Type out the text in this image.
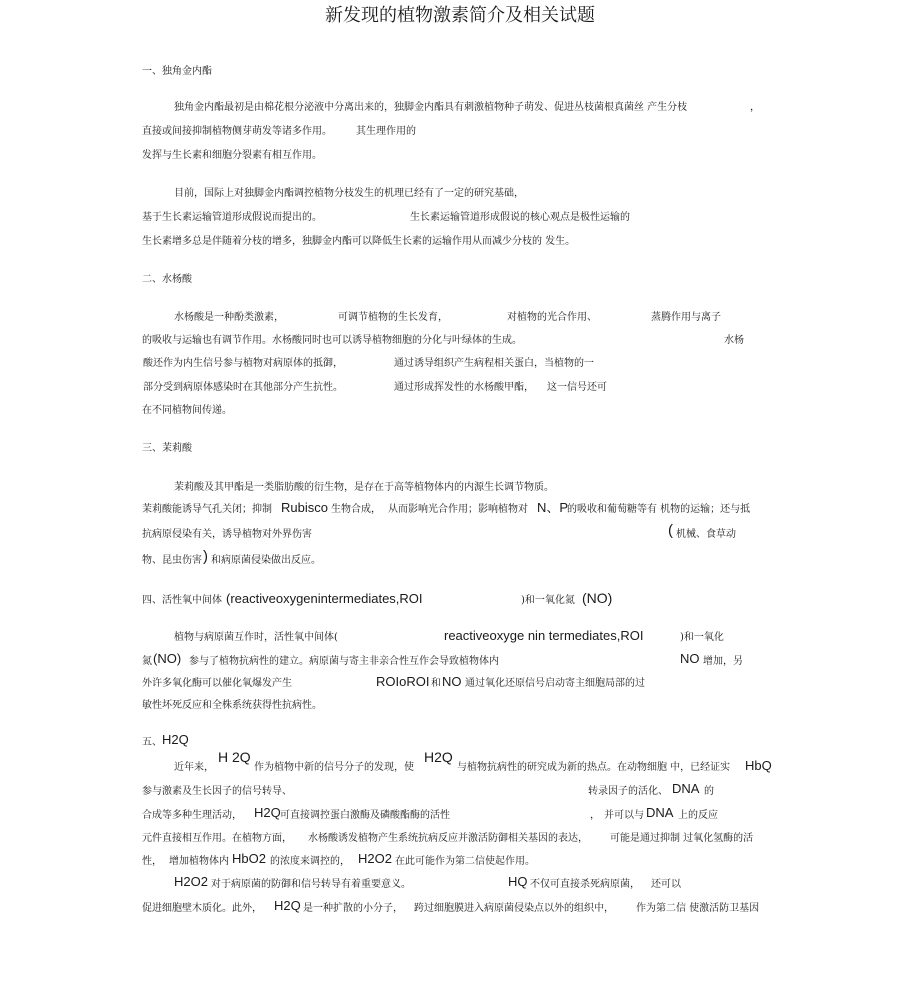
新发现的植物激素简介及相关试题
一、独角金内酯
独角金内酯最初是由棉花根分泌液中分离出来的，独脚金内酯具有刺激植物种子萌发、促进丛枝菌根真菌丝 产生分枝	，
直接或间接抑制植物侧芽萌发等诸多作用。 其生理作用的
发挥与生长素和细胞分裂素有相互作用。
目前，国际上对独脚金内酯调控植物分枝发生的机理已经有了一定的研究基础，
基于生长素运输管道形成假说而提出的。	生长素运输管道形成假说的核心观点是极性运输的
生长素增多总是伴随着分枝的增多，独脚金内酯可以降低生长素的运输作用从而减少分枝的 发生。
二、水杨酸
水杨酸是一种酚类激素，	可调节植物的生长发育，	对植物的光合作用、	蒸腾作用与离子
的吸收与运输也有调节作用。水杨酸同时也可以诱导植物细胞的分化与叶绿体的生成。	水杨
酸还作为内生信号参与植物对病原体的抵御，	通过诱导组织产生病程相关蛋白，当植物的一
部分受到病原体感染时在其他部分产生抗性。	通过形成挥发性的水杨酸甲酯， 这一信号还可
在不同植物间传递。
三、茉莉酸
茉莉酸及其甲酯是一类脂肪酸的衍生物，是存在于高等植物体内的内源生长调节物质。
茉莉酸能诱导气孔关闭；抑制 Rubisco 生物合成， 从而影响光合作用；影响植物对 N、P
的吸收和葡萄糖等有 机物的运输；还与抵
抗病原侵染有关，诱导植物对外界伤害	( 机械、食草动
物、昆虫伤害 ) 和病原菌侵染做出反应。
四、活性氧中间体 (reactiveoxygenintermediates,ROI	)和一氧化氮 (NO)
植物与病原菌互作时，活性氧中间体(	reactiveoxyge nin termediates,ROI	)和一氧化
氮 (NO) 参与了植物抗病性的建立。病原菌与寄主非亲合性互作会导致植物体内	NO 增加，另
外许多氧化酶可以催化氧爆发产生	ROIoROI 和 NO 通过氧化还原信号启动寄主细胞局部的过
敏性坏死反应和全株系统获得性抗病性。
五、 H2Q
近年来，
H 2Q
作为植物中新的信号分子的发现，使
H2Q
与植物抗病性的研究成为新的热点。在动物细胞 中，已经证实 HbQ
参与激素及生长因子的信号转导、	转录因子的活化、 DNA 的
合成等多种生理活动， H2Q 可直接调控蛋白激酶及磷酸酯酶的活性	， 并可以与 DNA 上的反应
元件直接相互作用。在植物方面， 水杨酸诱发植物产生系统抗病反应并激活防御相关基因的表达， 可能是通过抑制 过氧化氢酶的活
性， 增加植物体内 HbO2 的浓度来调控的， H2O2 在此可能作为第二信使起作用。
H2O2 对于病原菌的防御和信号转导有着重要意义。	HQ 不仅可直接杀死病原菌， 还可以
促进细胞壁木质化。此外， H2Q 是一种扩散的小分子， 跨过细胞膜进入病原菌侵染点以外的组织中， 作为第二信 使激活防卫基因
